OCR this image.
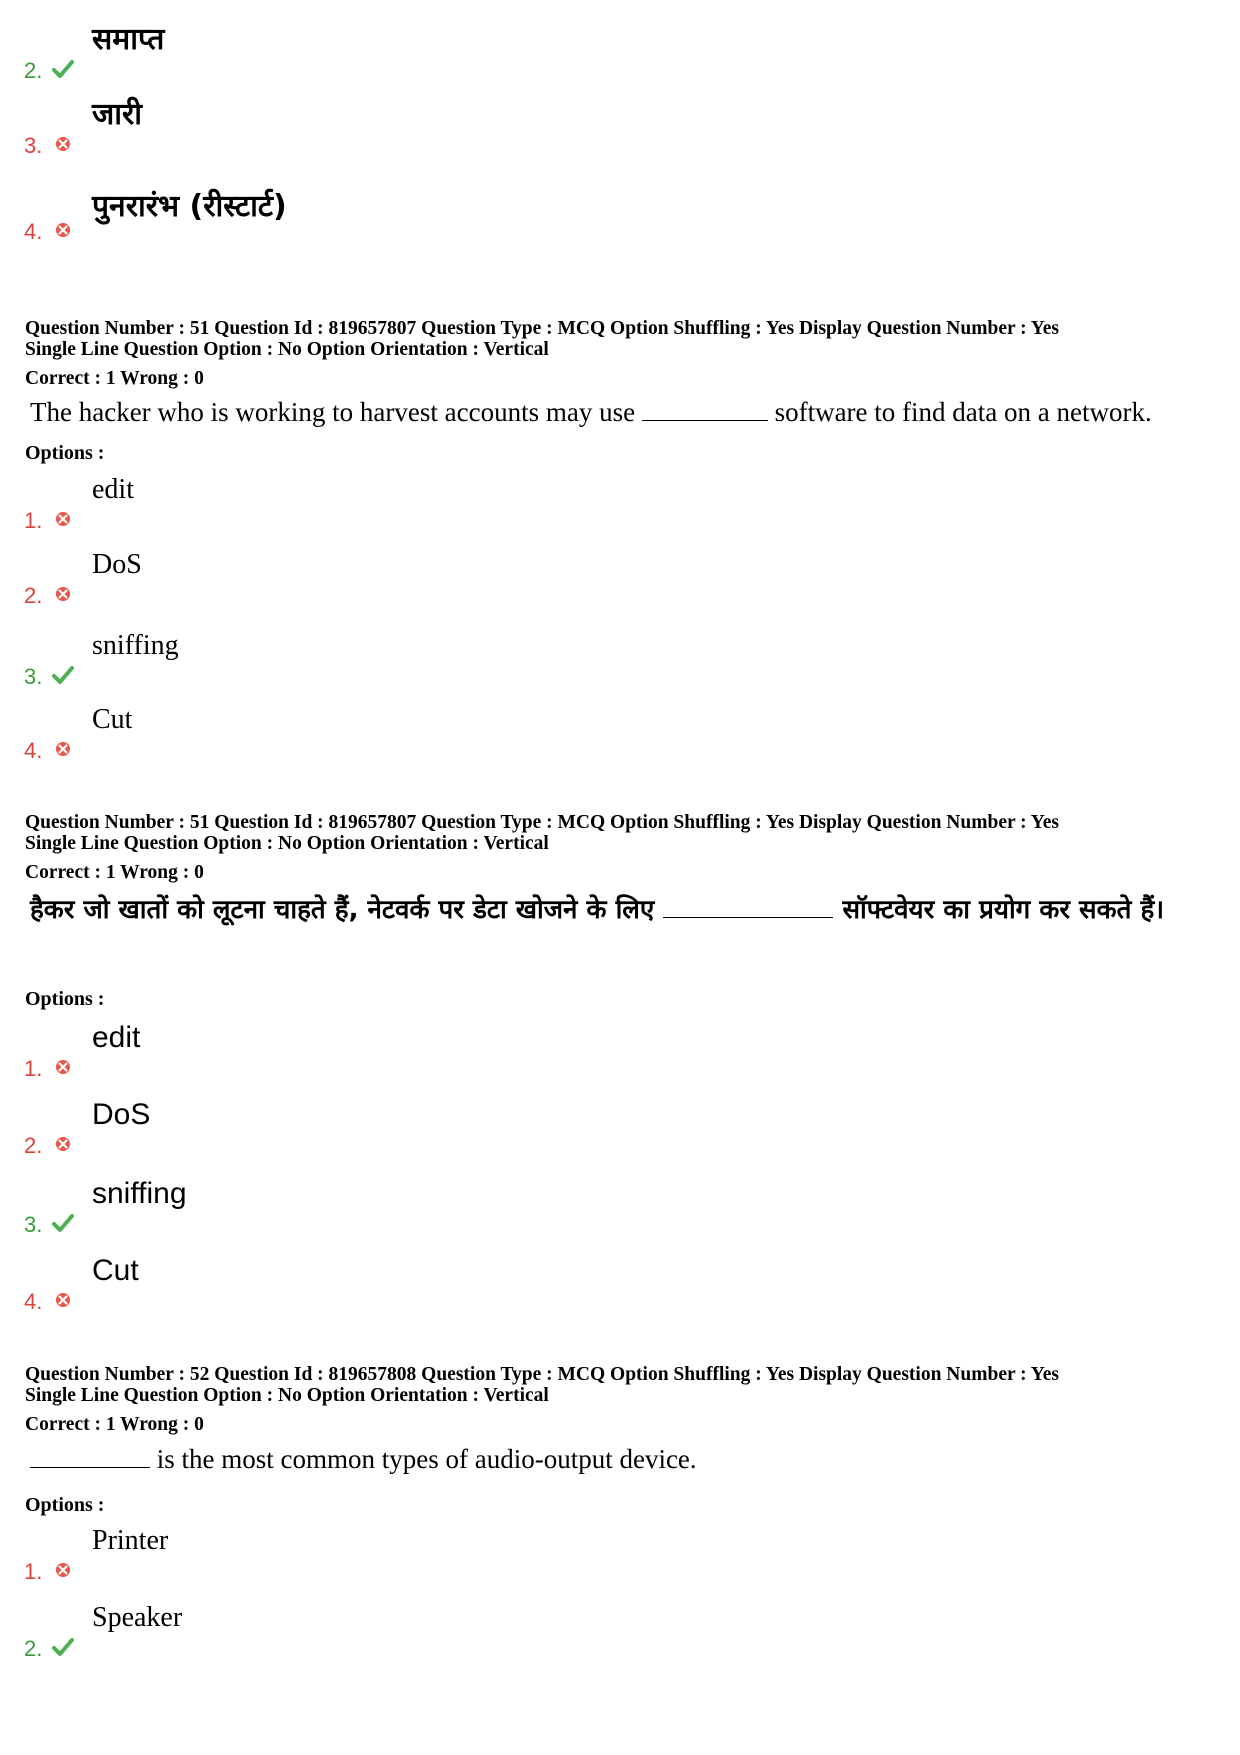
2.
समाप्त
3.
जारी
4.
पुनरारंभ (रीस्टार्ट)
Question Number : 51 Question Id : 819657807 Question Type : MCQ Option Shuffling : Yes Display Question Number : Yes
Single Line Question Option : No Option Orientation : Vertical
Correct : 1 Wrong : 0
The hacker who is working to harvest accounts may use	software to find data on a network.
Options :
1.
edit
2.
DoS
3.
sniffing
4.
Cut
Question Number : 51 Question Id : 819657807 Question Type : MCQ Option Shuffling : Yes Display Question Number : Yes
Single Line Question Option : No Option Orientation : Vertical
Correct : 1 Wrong : 0
हैकर जो खातों को लूटना चाहते हैं, नेटवर्क पर डेटा खोजने के लिए	सॉफ्टवेयर का प्रयोग कर सकते हैं।
Options :
1.
edit
2.
DoS
3.
sniffing
4.
Cut
Question Number : 52 Question Id : 819657808 Question Type : MCQ Option Shuffling : Yes Display Question Number : Yes
Single Line Question Option : No Option Orientation : Vertical
Correct : 1 Wrong : 0
is the most common types of audio-output device.
Options :
1.
Printer
2.
Speaker
